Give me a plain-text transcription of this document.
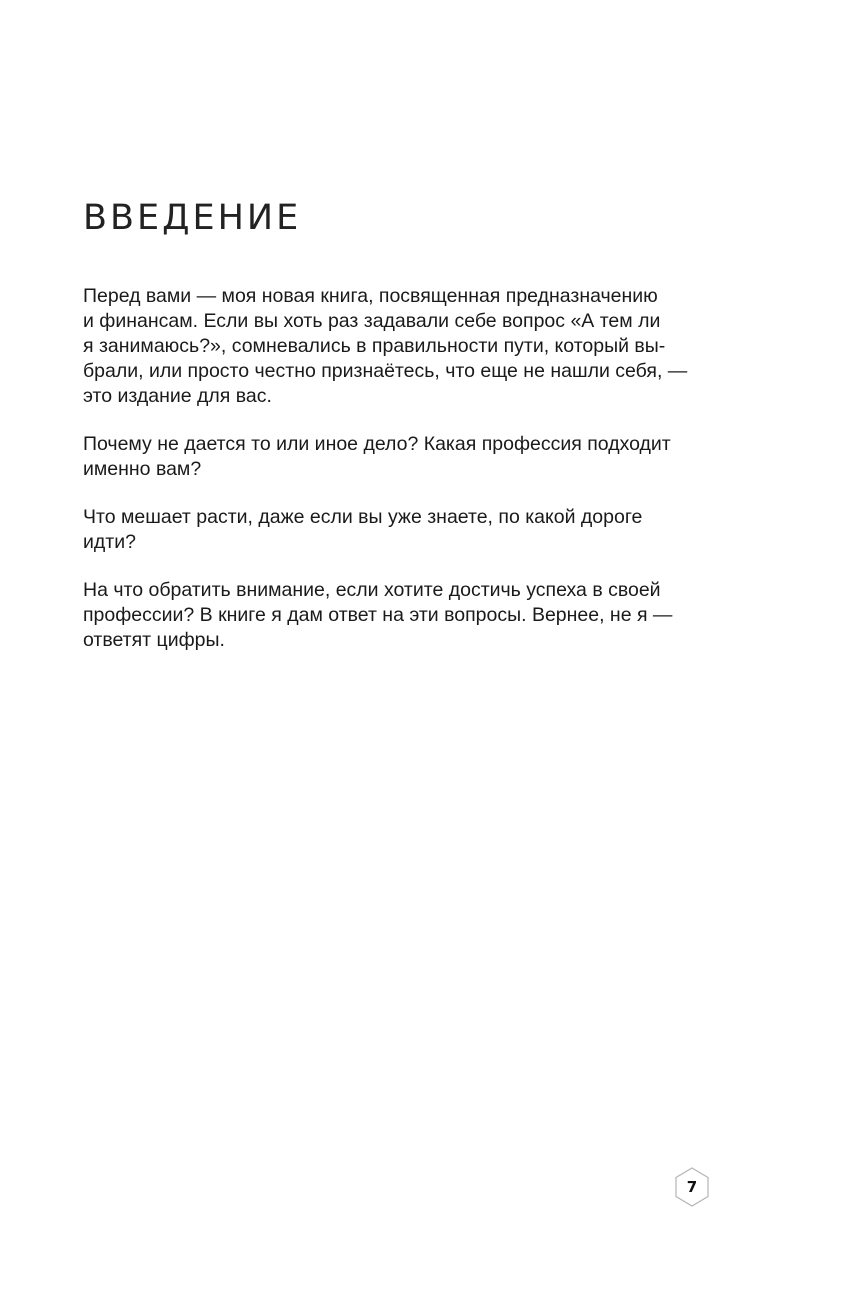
ВВЕДЕНИЕ

Перед вами — моя новая книга, посвященная предназначению
и финансам. Если вы хоть раз задавали себе вопрос «А тем ли
я занимаюсь?», сомневались в правильности пути, который вы-
брали, или просто честно признаётесь, что еще не нашли себя, —
это издание для вас.

Почему не дается то или иное дело? Какая профессия подходит
именно вам?

Что мешает расти, даже если вы уже знаете, по какой дороге
идти?

На что обратить внимание, если хотите достичь успеха в своей
профессии? В книге я дам ответ на эти вопросы. Вернее, не я —
ответят цифры.

7
